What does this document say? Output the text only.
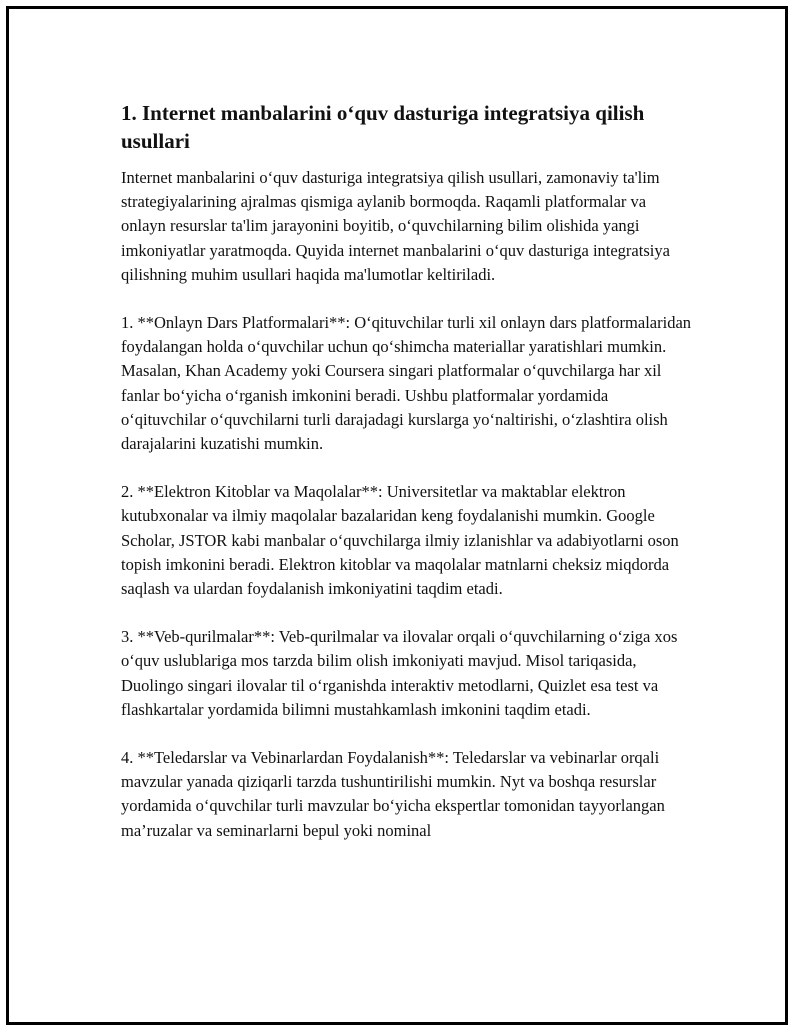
1. Internet manbalarini o‘quv dasturiga integratsiya qilish usullari

Internet manbalarini o‘quv dasturiga integratsiya qilish usullari, zamonaviy ta'lim strategiyalarining ajralmas qismiga aylanib bormoqda. Raqamli platformalar va onlayn resurslar ta'lim jarayonini boyitib, o‘quvchilarning bilim olishida yangi imkoniyatlar yaratmoqda. Quyida internet manbalarini o‘quv dasturiga integratsiya qilishning muhim usullari haqida ma'lumotlar keltiriladi.

1. **Onlayn Dars Platformalari**: O‘qituvchilar turli xil onlayn dars platformalaridan foydalangan holda o‘quvchilar uchun qo‘shimcha materiallar yaratishlari mumkin. Masalan, Khan Academy yoki Coursera singari platformalar o‘quvchilarga har xil fanlar bo‘yicha o‘rganish imkonini beradi. Ushbu platformalar yordamida o‘qituvchilar o‘quvchilarni turli darajadagi kurslarga yo‘naltirishi, o‘zlashtira olish darajalarini kuzatishi mumkin.

2. **Elektron Kitoblar va Maqolalar**: Universitetlar va maktablar elektron kutubxonalar va ilmiy maqolalar bazalaridan keng foydalanishi mumkin. Google Scholar, JSTOR kabi manbalar o‘quvchilarga ilmiy izlanishlar va adabiyotlarni oson topish imkonini beradi. Elektron kitoblar va maqolalar matnlarni cheksiz miqdorda saqlash va ulardan foydalanish imkoniyatini taqdim etadi.

3. **Veb-qurilmalar**: Veb-qurilmalar va ilovalar orqali o‘quvchilarning o‘ziga xos o‘quv uslublariga mos tarzda bilim olish imkoniyati mavjud. Misol tariqasida, Duolingo singari ilovalar til o‘rganishda interaktiv metodlarni, Quizlet esa test va flashkartalar yordamida bilimni mustahkamlash imkonini taqdim etadi.

4. **Teledarslar va Vebinarlardan Foydalanish**: Teledarslar va vebinarlar orqali mavzular yanada qiziqarli tarzda tushuntirilishi mumkin. Nyt va boshqa resurslar yordamida o‘quvchilar turli mavzular bo‘yicha ekspertlar tomonidan tayyorlangan ma’ruzalar va seminarlarni bepul yoki nominal
